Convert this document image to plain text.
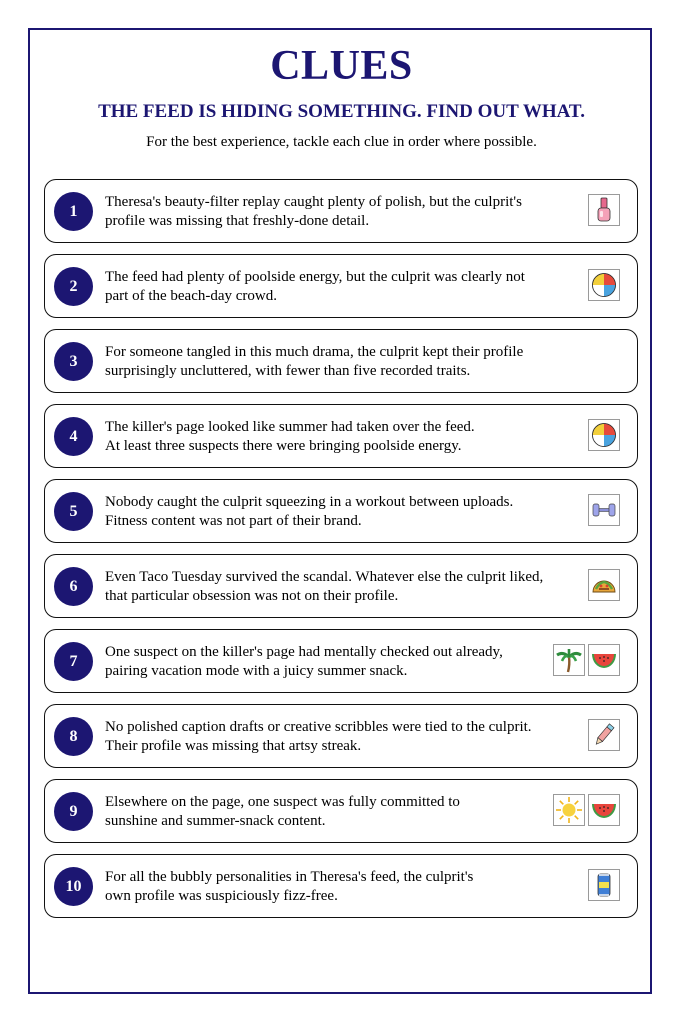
CLUES
THE FEED IS HIDING SOMETHING. FIND OUT WHAT.
For the best experience, tackle each clue in order where possible.
1
Theresa's beauty-filter replay caught plenty of polish, but the culprit's
profile was missing that freshly-done detail.
2
The feed had plenty of poolside energy, but the culprit was clearly not
part of the beach-day crowd.
3
For someone tangled in this much drama, the culprit kept their profile
surprisingly uncluttered, with fewer than five recorded traits.
4
The killer's page looked like summer had taken over the feed.
At least three suspects there were bringing poolside energy.
5
Nobody caught the culprit squeezing in a workout between uploads.
Fitness content was not part of their brand.
6
Even Taco Tuesday survived the scandal. Whatever else the culprit liked,
that particular obsession was not on their profile.
7
One suspect on the killer's page had mentally checked out already,
pairing vacation mode with a juicy summer snack.
8
No polished caption drafts or creative scribbles were tied to the culprit.
Their profile was missing that artsy streak.
9
Elsewhere on the page, one suspect was fully committed to
sunshine and summer-snack content.
10
For all the bubbly personalities in Theresa's feed, the culprit's
own profile was suspiciously fizz-free.
